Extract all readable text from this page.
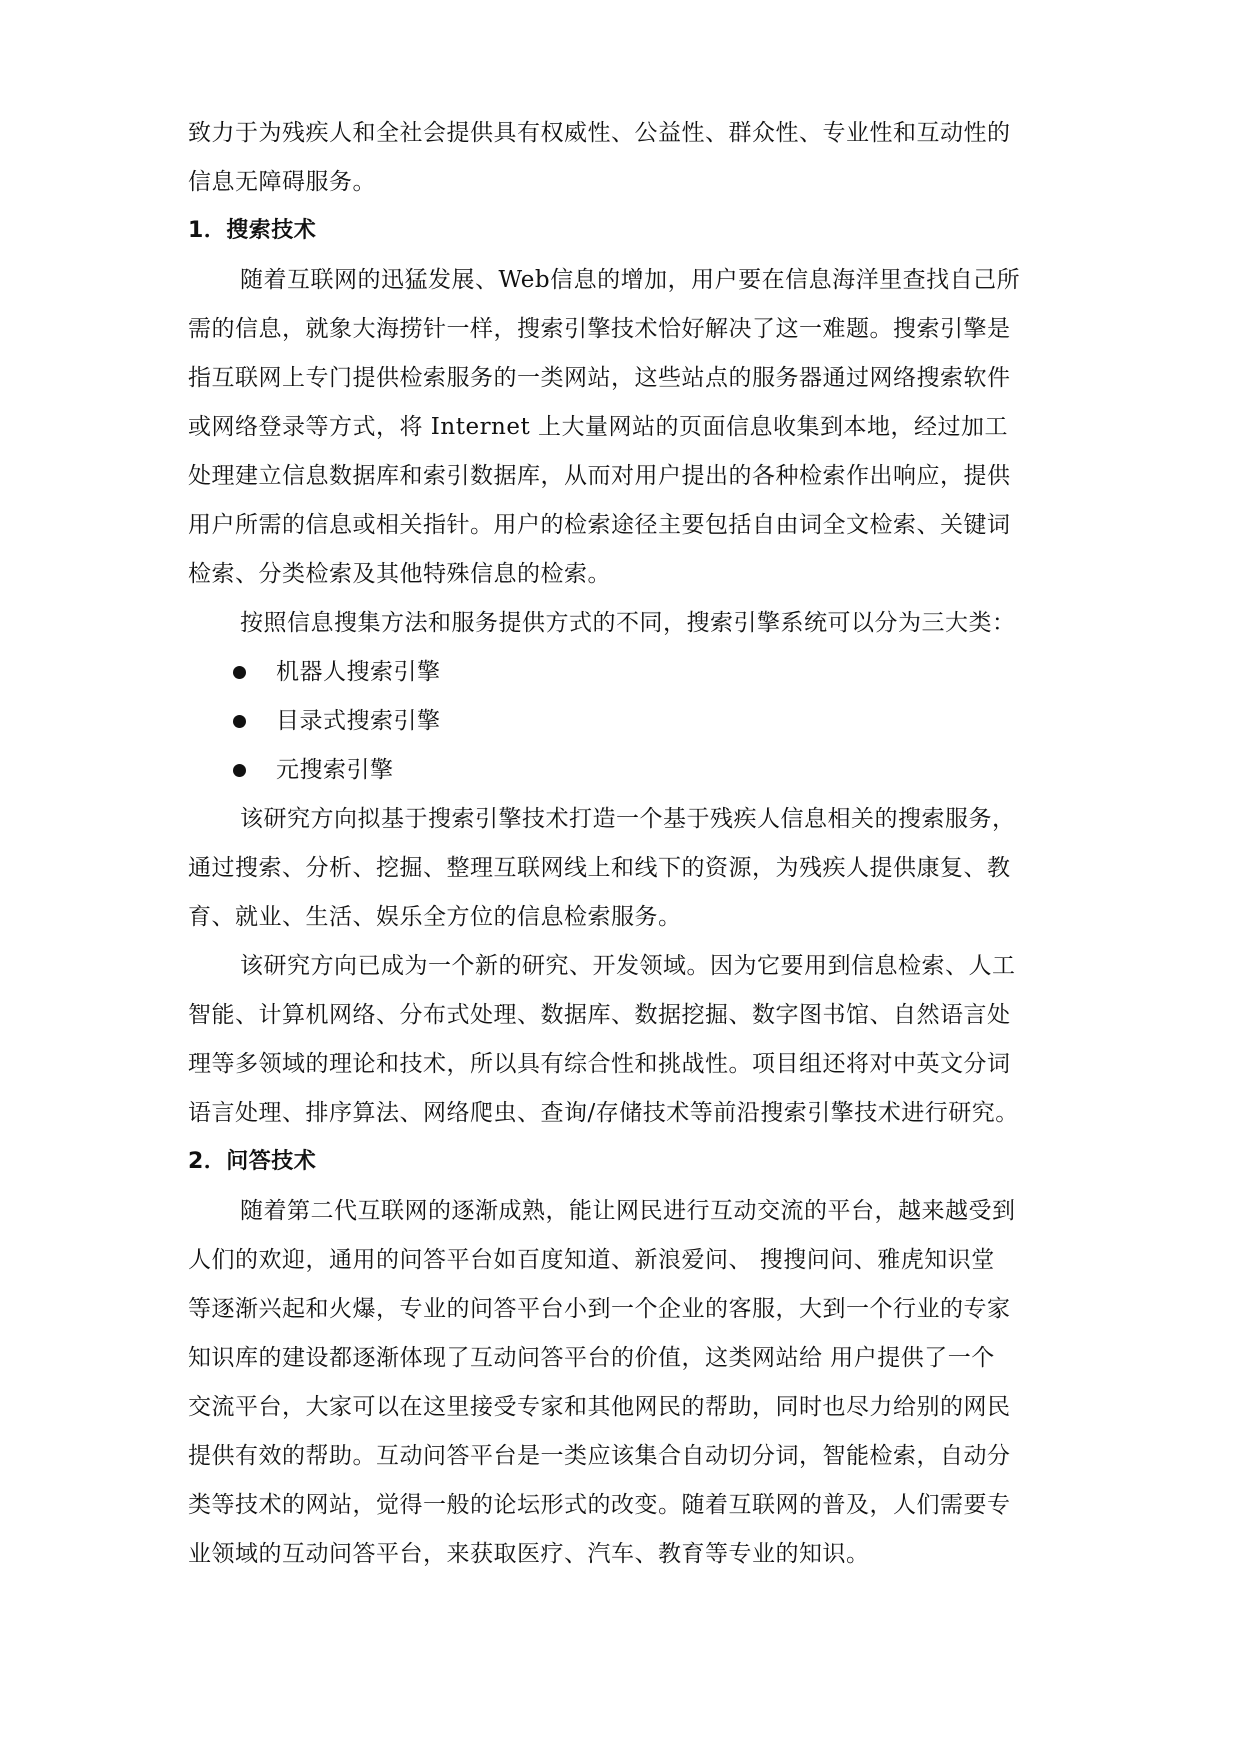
致力于为残疾人和全社会提供具有权威性、公益性、群众性、专业性和互动性的
信息无障碍服务。
1．搜索技术
随着互联网的迅猛发展、Web信息的增加，用户要在信息海洋里查找自己所
需的信息，就象大海捞针一样，搜索引擎技术恰好解决了这一难题。搜索引擎是
指互联网上专门提供检索服务的一类网站，这些站点的服务器通过网络搜索软件
或网络登录等方式，将 Internet 上大量网站的页面信息收集到本地，经过加工
处理建立信息数据库和索引数据库，从而对用户提出的各种检索作出响应，提供
用户所需的信息或相关指针。用户的检索途径主要包括自由词全文检索、关键词
检索、分类检索及其他特殊信息的检索。
按照信息搜集方法和服务提供方式的不同，搜索引擎系统可以分为三大类：
机器人搜索引擎
目录式搜索引擎
元搜索引擎
该研究方向拟基于搜索引擎技术打造一个基于残疾人信息相关的搜索服务，
通过搜索、分析、挖掘、整理互联网线上和线下的资源，为残疾人提供康复、教
育、就业、生活、娱乐全方位的信息检索服务。
该研究方向已成为一个新的研究、开发领域。因为它要用到信息检索、人工
智能、计算机网络、分布式处理、数据库、数据挖掘、数字图书馆、自然语言处
理等多领域的理论和技术，所以具有综合性和挑战性。项目组还将对中英文分词
语言处理、排序算法、网络爬虫、查询/存储技术等前沿搜索引擎技术进行研究。
2．问答技术
随着第二代互联网的逐渐成熟，能让网民进行互动交流的平台，越来越受到
人们的欢迎，通用的问答平台如百度知道、新浪爱问、 搜搜问问、雅虎知识堂
等逐渐兴起和火爆，专业的问答平台小到一个企业的客服，大到一个行业的专家
知识库的建设都逐渐体现了互动问答平台的价值，这类网站给 用户提供了一个
交流平台，大家可以在这里接受专家和其他网民的帮助，同时也尽力给别的网民
提供有效的帮助。互动问答平台是一类应该集合自动切分词，智能检索，自动分
类等技术的网站，觉得一般的论坛形式的改变。随着互联网的普及，人们需要专
业领域的互动问答平台，来获取医疗、汽车、教育等专业的知识。
